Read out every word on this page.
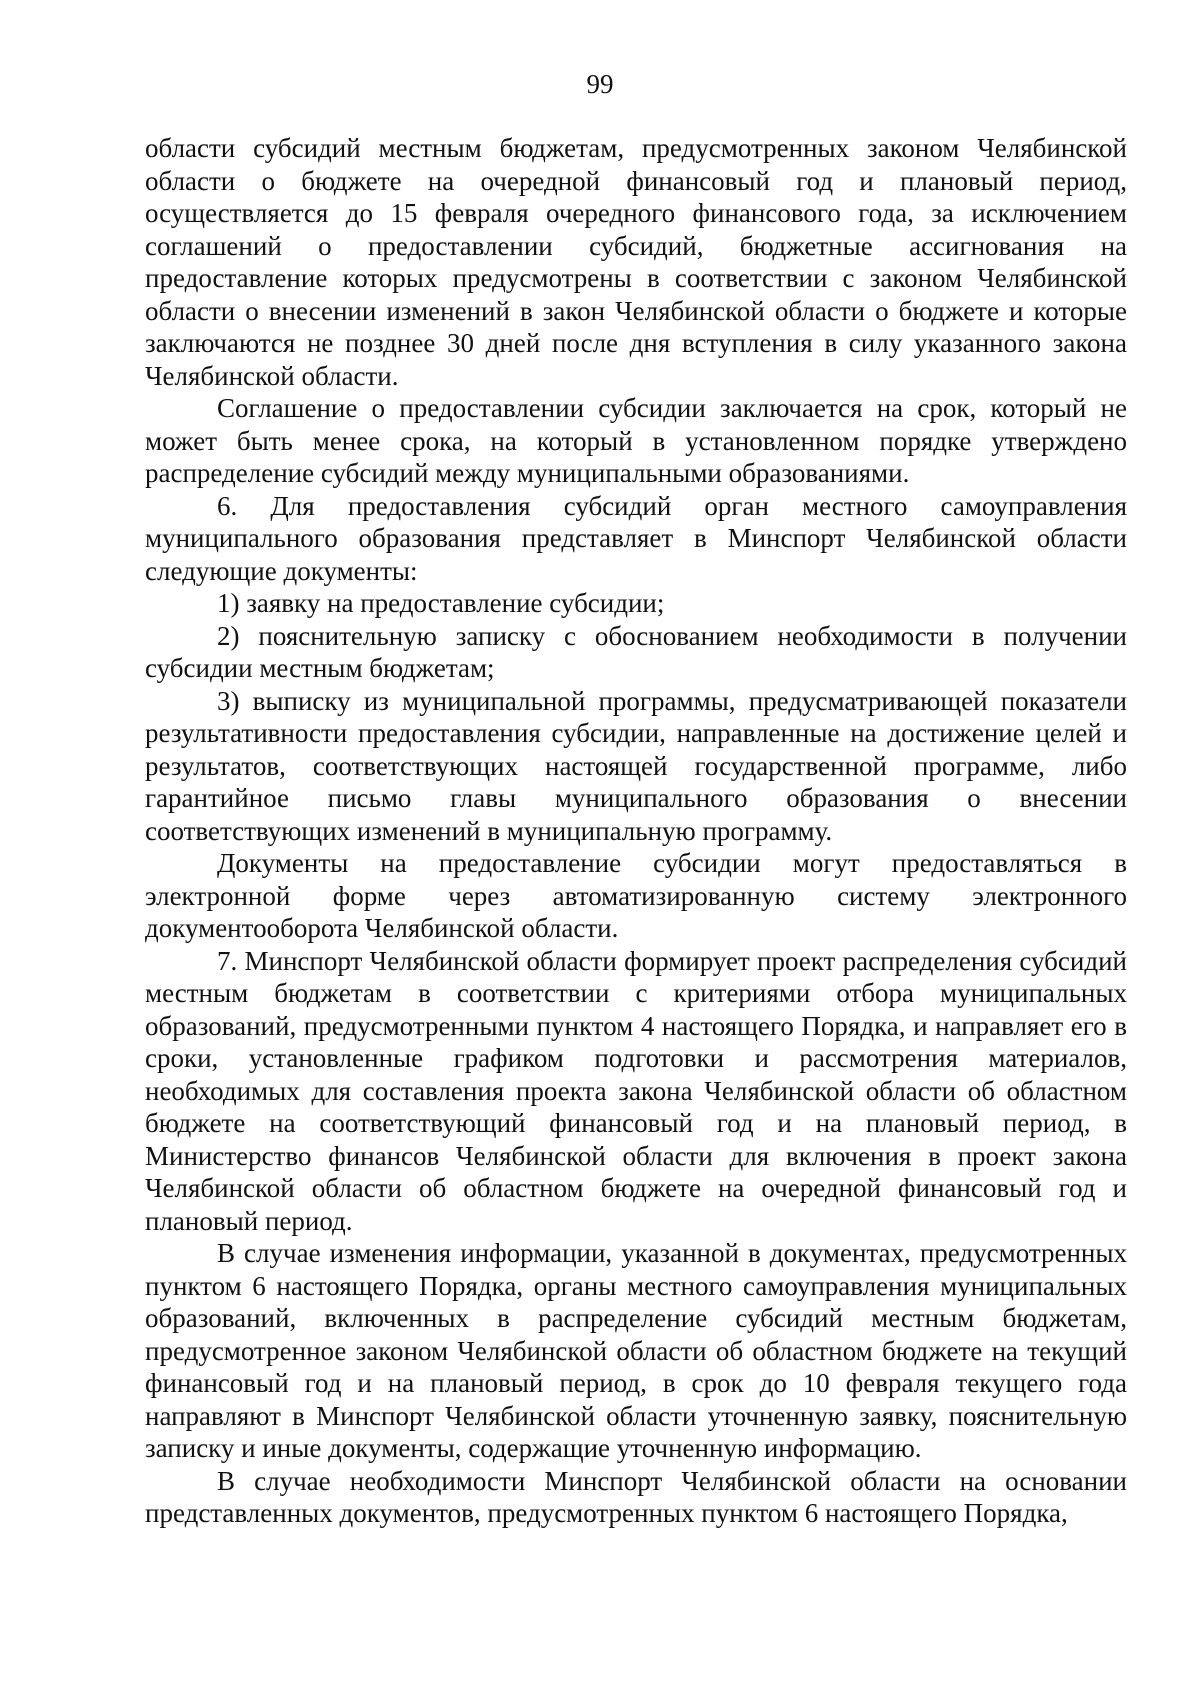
99

области субсидий местным бюджетам, предусмотренных законом Челябинской области о бюджете на очередной финансовый год и плановый период, осуществляется до 15 февраля очередного финансового года, за исключением соглашений о предоставлении субсидий, бюджетные ассигнования на предоставление которых предусмотрены в соответствии с законом Челябинской области о внесении изменений в закон Челябинской области о бюджете и которые заключаются не позднее 30 дней после дня вступления в силу указанного закона Челябинской области.

Соглашение о предоставлении субсидии заключается на срок, который не может быть менее срока, на который в установленном порядке утверждено распределение субсидий между муниципальными образованиями.

6. Для предоставления субсидий орган местного самоуправления муниципального образования представляет в Минспорт Челябинской области следующие документы:

1) заявку на предоставление субсидии;

2) пояснительную записку с обоснованием необходимости в получении субсидии местным бюджетам;

3) выписку из муниципальной программы, предусматривающей показатели результативности предоставления субсидии, направленные на достижение целей и результатов, соответствующих настоящей государственной программе, либо гарантийное письмо главы муниципального образования о внесении соответствующих изменений в муниципальную программу.

Документы на предоставление субсидии могут предоставляться в электронной форме через автоматизированную систему электронного документооборота Челябинской области.

7. Минспорт Челябинской области формирует проект распределения субсидий местным бюджетам в соответствии с критериями отбора муниципальных образований, предусмотренными пунктом 4 настоящего Порядка, и направляет его в сроки, установленные графиком подготовки и рассмотрения материалов, необходимых для составления проекта закона Челябинской области об областном бюджете на соответствующий финансовый год и на плановый период, в Министерство финансов Челябинской области для включения в проект закона Челябинской области об областном бюджете на очередной финансовый год и плановый период.

В случае изменения информации, указанной в документах, предусмотренных пунктом 6 настоящего Порядка, органы местного самоуправления муниципальных образований, включенных в распределение субсидий местным бюджетам, предусмотренное законом Челябинской области об областном бюджете на текущий финансовый год и на плановый период, в срок до 10 февраля текущего года направляют в Минспорт Челябинской области уточненную заявку, пояснительную записку и иные документы, содержащие уточненную информацию.

В случае необходимости Минспорт Челябинской области на основании представленных документов, предусмотренных пунктом 6 настоящего Порядка,
